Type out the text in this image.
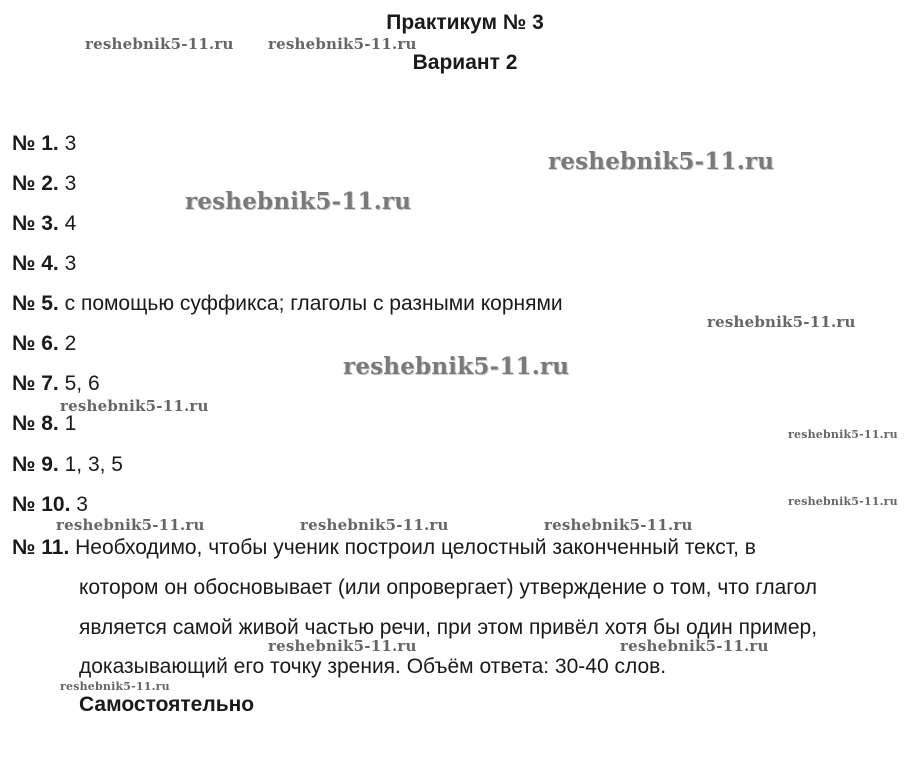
Практикум № 3
Вариант 2
№ 1. 3
№ 2. 3
№ 3. 4
№ 4. 3
№ 5. с помощью суффикса; глаголы с разными корнями
№ 6. 2
№ 7. 5, 6
№ 8. 1
№ 9. 1, 3, 5
№ 10. 3
№ 11. Необходимо, чтобы ученик построил целостный законченный текст, в
котором он обосновывает (или опровергает) утверждение о том, что глагол
является самой живой частью речи, при этом привёл хотя бы один пример,
доказывающий его точку зрения. Объём ответа: 30-40 слов.
Самостоятельно
reshebnik5-11.ru reshebnik5-11.ru
reshebnik5-11.ru
reshebnik5-11.ru
reshebnik5-11.ru
reshebnik5-11.ru
reshebnik5-11.ru
reshebnik5-11.ru
reshebnik5-11.ru
reshebnik5-11.ru	reshebnik5-11.ru	reshebnik5-11.ru
reshebnik5-11.ru	reshebnik5-11.ru
reshebnik5-11.ru
